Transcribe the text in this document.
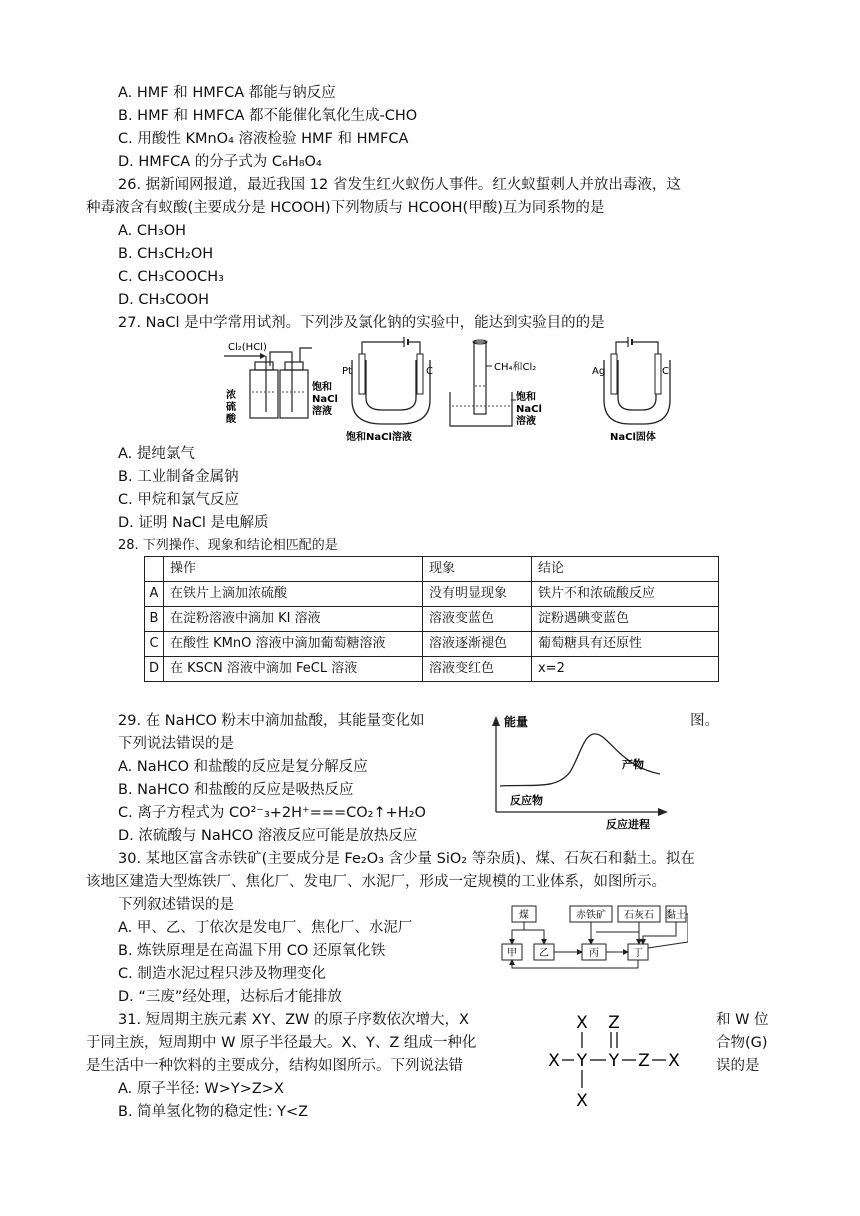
A. HMF 和 HMFCA 都能与钠反应
B. HMF 和 HMFCA 都不能催化氧化生成-CHO
C. 用酸性 KMnO₄ 溶液检验 HMF 和 HMFCA
D. HMFCA 的分子式为 C₆H₈O₄
26. 据新闻网报道，最近我国 12 省发生红火蚁伤人事件。红火蚁蜇刺人并放出毒液，这
种毒液含有蚁酸(主要成分是 HCOOH)下列物质与 HCOOH(甲酸)互为同系物的是
A. CH₃OH
B. CH₃CH₂OH
C. CH₃COOCH₃
D. CH₃COOH
27. NaCl 是中学常用试剂。下列涉及氯化钠的实验中，能达到实验目的的是
Cl₂(HCl)
浓
硫
酸
饱和
NaCl
溶液
Pt	C
饱和NaCl溶液
CH₄和Cl₂
饱和
NaCl
溶液
Ag	C
NaCl固体
A. 提纯氯气
B. 工业制备金属钠
C. 甲烷和氯气反应
D. 证明 NaCl 是电解质
28. 下列操作、现象和结论相匹配的是
	操作	现象	结论
A	在铁片上滴加浓硫酸	没有明显现象	铁片不和浓硫酸反应
B	在淀粉溶液中滴加 KI 溶液	溶液变蓝色	淀粉遇碘变蓝色
C	在酸性 KMnO 溶液中滴加葡萄糖溶液	溶液逐渐褪色	葡萄糖具有还原性
D	在 KSCN 溶液中滴加 FeCL 溶液	溶液变红色	x=2
29. 在 NaHCO 粉末中滴加盐酸，其能量变化如	图。
下列说法错误的是
A. NaHCO 和盐酸的反应是复分解反应
B. NaHCO 和盐酸的反应是吸热反应
C. 离子方程式为 CO²⁻₃+2H⁺===CO₂↑+H₂O
D. 浓硫酸与 NaHCO 溶液反应可能是放热反应
能量
产物
反应物
反应进程
30. 某地区富含赤铁矿(主要成分是 Fe₂O₃ 含少量 SiO₂ 等杂质)、煤、石灰石和黏土。拟在
该地区建造大型炼铁厂、焦化厂、发电厂、水泥厂，形成一定规模的工业体系，如图所示。
下列叙述错误的是
A. 甲、乙、丁依次是发电厂、焦化厂、水泥厂
B. 炼铁原理是在高温下用 CO 还原氧化铁
C. 制造水泥过程只涉及物理变化
D. “三废”经处理，达标后才能排放
煤	赤铁矿 石灰石 黏土
甲 乙	丙	丁
31. 短周期主族元素 XY、ZW 的原子序数依次增大，X	和 W 位
于同主族，短周期中 W 原子半径最大。X、Y、Z 组成一种化	合物(G)
是生活中一种饮料的主要成分，结构如图所示。下列说法错	误的是
A. 原子半径: W>Y>Z>X
B. 简单氢化物的稳定性: Y<Z
X Z
X Y Y Z X
X
